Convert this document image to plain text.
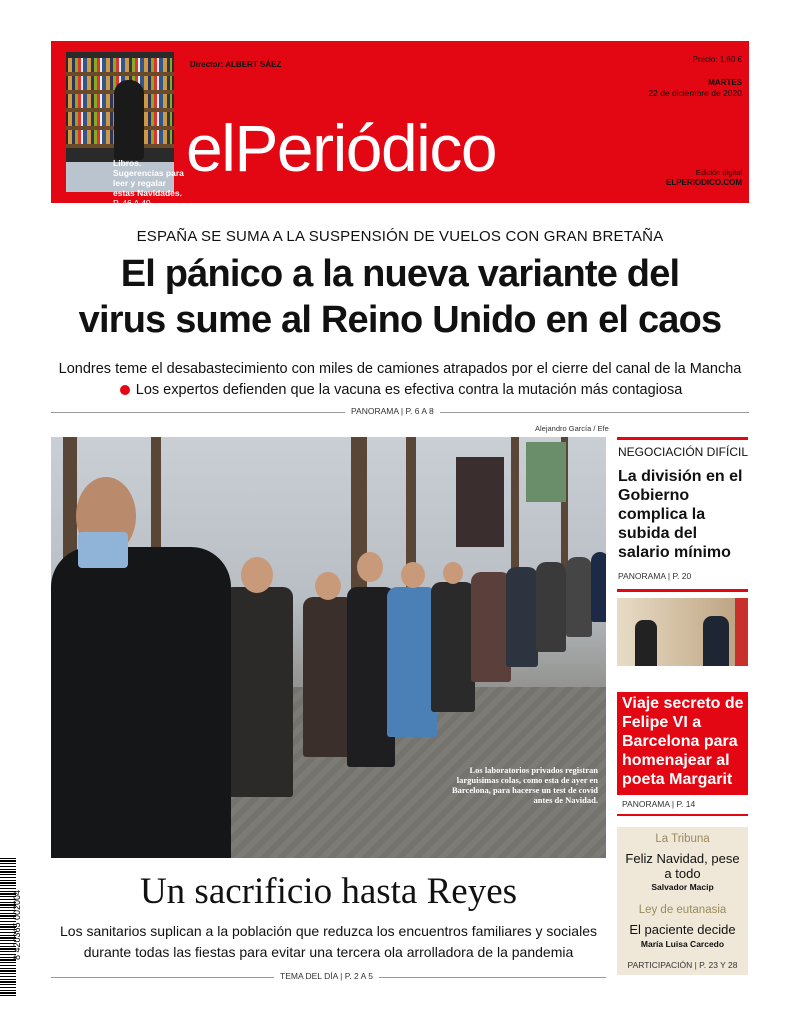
Libros. Sugerencias para leer y regalar estas Navidades. P. 46 A 49
Director: ALBERT SÁEZ
elPeriódico
Precio: 1,60 €
MARTES
22 de diciembre de 2020
Edición digital
ELPERIODICO.COM
ESPAÑA SE SUMA A LA SUSPENSIÓN DE VUELOS CON GRAN BRETAÑA
El pánico a la nueva variante del
virus sume al Reino Unido en el caos
Londres teme el desabastecimiento con miles de camiones atrapados por el cierre del canal de la Mancha  Los expertos defienden que la vacuna es efectiva contra la mutación más contagiosa
PANORAMA | P. 6 A 8
Alejandro García / Efe
Los laboratorios privados registran larguísimas colas, como esta de ayer en Barcelona, para hacerse un test de covid antes de Navidad.
Un sacrificio hasta Reyes
Los sanitarios suplican a la población que reduzca los encuentros familiares y sociales durante todas las fiestas para evitar una tercera ola arrolladora de la pandemia
TEMA DEL DÍA | P. 2 A 5
8 420365 002004
NEGOCIACIÓN DIFÍCIL
La división en el Gobierno complica la subida del salario mínimo
PANORAMA | P. 20
PREMIO CERVANTES
Viaje secreto de Felipe VI a Barcelona para homenajear al poeta Margarit
PANORAMA | P. 14
La Tribuna
Feliz Navidad, pese a todo
Salvador Macip
Ley de eutanasia
El paciente decide
María Luisa Carcedo
PARTICIPACIÓN | P. 23 Y 28
